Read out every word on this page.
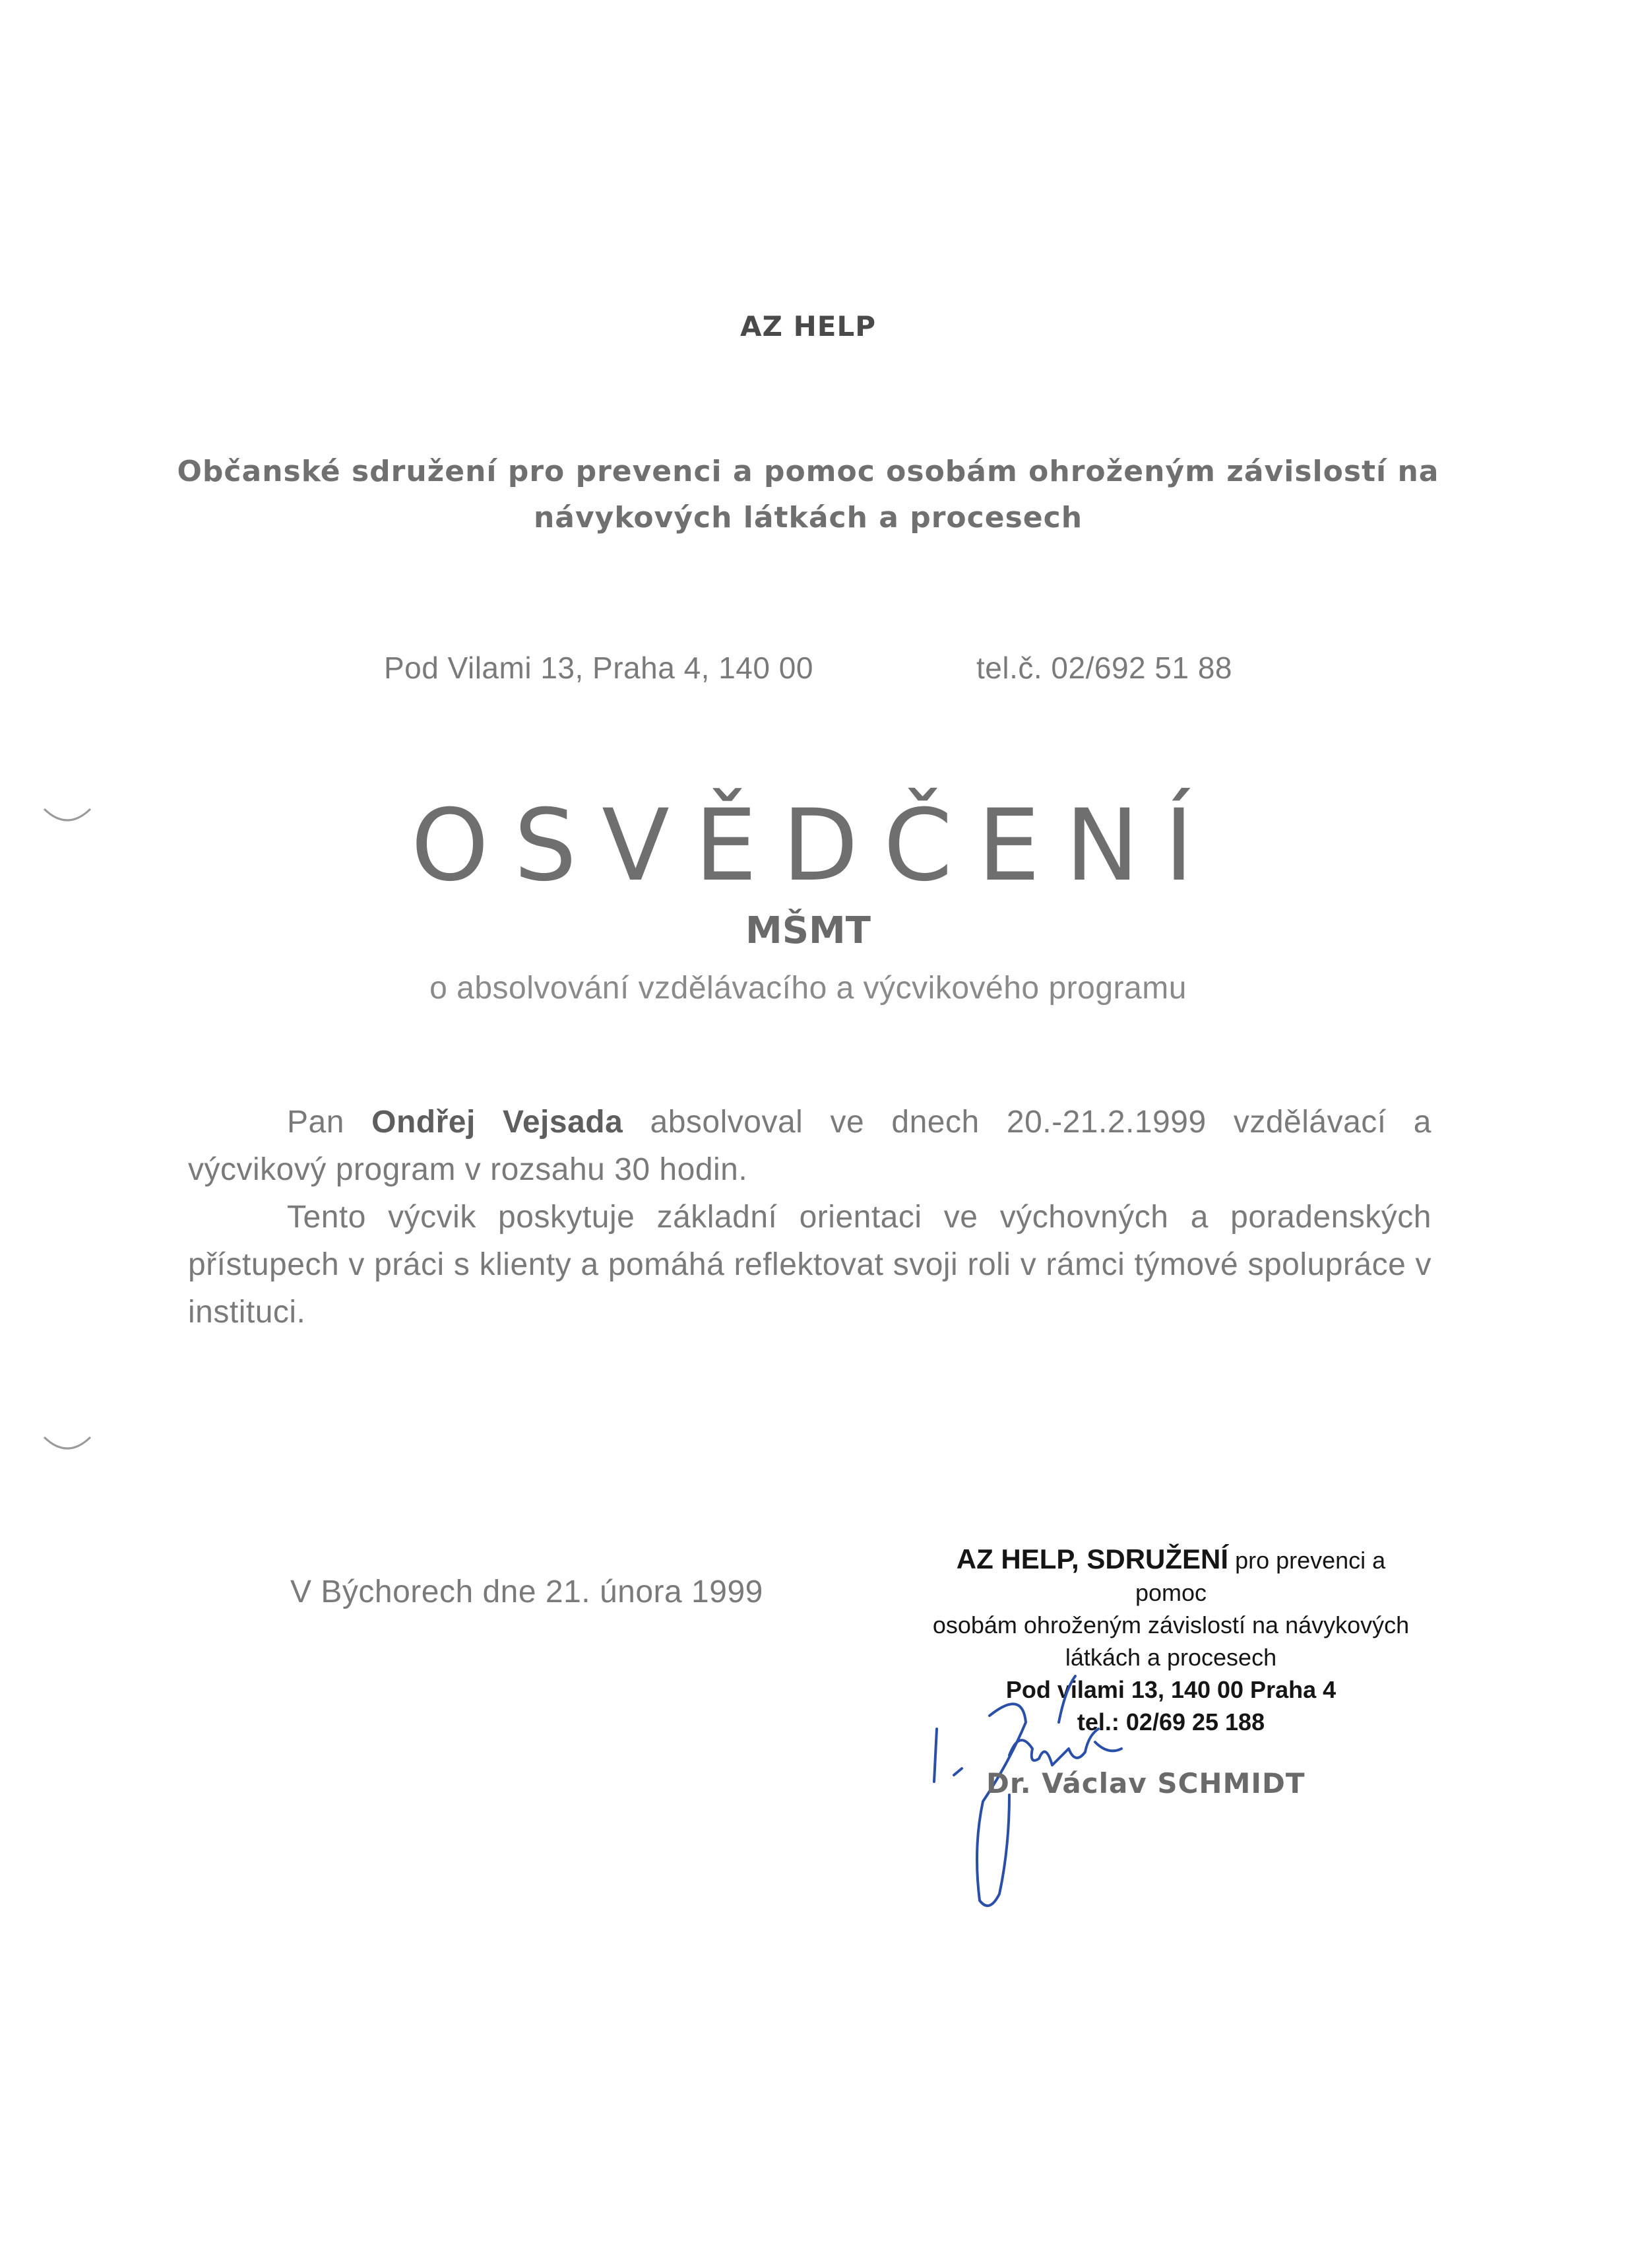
AZ HELP
Občanské sdružení pro prevenci a pomoc osobám ohroženým závislostí na
návykových látkách a procesech
Pod Vilami 13, Praha 4, 140 00	tel.č. 02/692 51 88
OSVĚDČENÍ
MŠMT
o absolvování vzdělávacího a výcvikového programu

Pan Ondřej Vejsada absolvoval ve dnech 20.-21.2.1999 vzdělávací a výcvikový program v rozsahu 30 hodin.

Tento výcvik poskytuje základní orientaci ve výchovných a poradenských přístupech v práci s klienty a pomáhá reflektovat svoji roli v rámci týmové spolupráce v instituci.

V Býchorech dne 21. února 1999
AZ HELP, SDRUŽENÍ pro prevenci a pomoc
osobám ohroženým závislostí na návykových
látkách a procesech
Pod vilami 13, 140 00 Praha 4
tel.: 02/69 25 188
Dr. Václav SCHMIDT
